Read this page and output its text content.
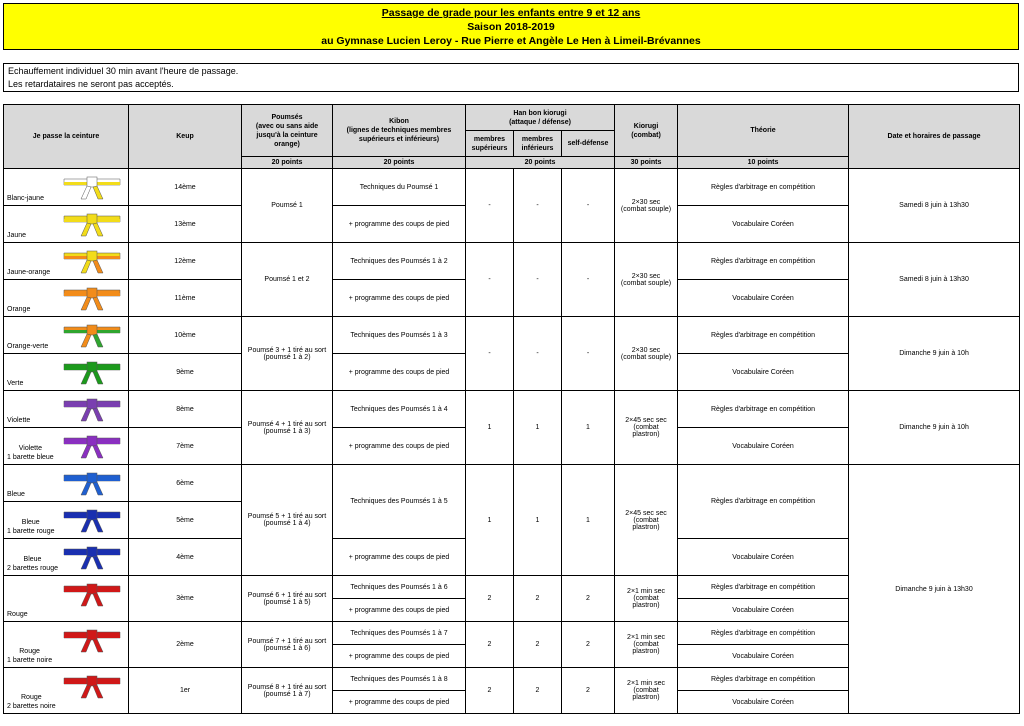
Passage de grade pour les enfants entre 9 et 12 ans
Saison 2018-2019
au Gymnase Lucien Leroy - Rue Pierre et Angèle Le Hen à Limeil-Brévannes
Echauffement individuel 30 min avant l'heure de passage.
Les retardataires ne seront pas acceptés.
Je passe la ceinture	Keup	Poumsés
(avec ou sans aide
jusqu'à la ceinture
orange)	Kibon
(lignes de techniques membres
supérieurs et inférieurs)	Han bon kiorugi
(attaque / défense)			Kiorugi
(combat)	Théorie	Date et horaires de passage
				membres
supérieurs	membres
inférieurs	self-défense			
		20 points	20 points	20 points			30 points	10 points	

Blanc-jaune	14ème	Poumsé 1	Techniques du Poumsé 1	-	-	-	2×30 sec
(combat souple)	Règles d'arbitrage en compétition	Samedi 8 juin à 13h30

Jaune	13ème		+ programme des coups de pied					Vocabulaire Coréen	

Jaune-orange	12ème	Poumsé 1 et 2	Techniques des Poumsés 1 à 2	-	-	-	2×30 sec
(combat souple)	Règles d'arbitrage en compétition	Samedi 8 juin à 13h30

Orange	11ème		+ programme des coups de pied					Vocabulaire Coréen	

Orange-verte	10ème	Poumsé 3 + 1 tiré au sort
(poumsé 1 à 2)	Techniques des Poumsés 1 à 3	-	-	-	2×30 sec
(combat souple)	Règles d'arbitrage en compétition	Dimanche 9 juin à 10h

Verte	9ème		+ programme des coups de pied					Vocabulaire Coréen	

Violette	8ème	Poumsé 4 + 1 tiré au sort
(poumsé 1 à 3)	Techniques des Poumsés 1 à 4	1	1	1	2×45 sec sec
(combat
plastron)	Règles d'arbitrage en compétition	Dimanche 9 juin à 10h

Violette
1 barette bleue	7ème		+ programme des coups de pied					Vocabulaire Coréen	

Bleue	6ème	Poumsé 5 + 1 tiré au sort
(poumsé 1 à 4)	Techniques des Poumsés 1 à 5	1	1	1	2×45 sec sec
(combat
plastron)	Règles d'arbitrage en compétition	Dimanche 9 juin à 13h30

Bleue
1 barette rouge	5ème								

Bleue
2 barettes rouge	4ème		+ programme des coups de pied					Vocabulaire Coréen	

Rouge	3ème	Poumsé 6 + 1 tiré au sort
(poumsé 1 à 5)	Techniques des Poumsés 1 à 6	2	2	2	2×1 min sec
(combat
plastron)	Règles d'arbitrage en compétition	
			+ programme des coups de pied					Vocabulaire Coréen	

Rouge
1 barette noire	2ème	Poumsé 7 + 1 tiré au sort
(poumsé 1 à 6)	Techniques des Poumsés 1 à 7	2	2	2	2×1 min sec
(combat
plastron)	Règles d'arbitrage en compétition	
			+ programme des coups de pied					Vocabulaire Coréen	

Rouge
2 barettes noire	1er	Poumsé 8 + 1 tiré au sort
(poumsé 1 à 7)	Techniques des Poumsés 1 à 8	2	2	2	2×1 min sec
(combat
plastron)	Règles d'arbitrage en compétition	
			+ programme des coups de pied					Vocabulaire Coréen	
